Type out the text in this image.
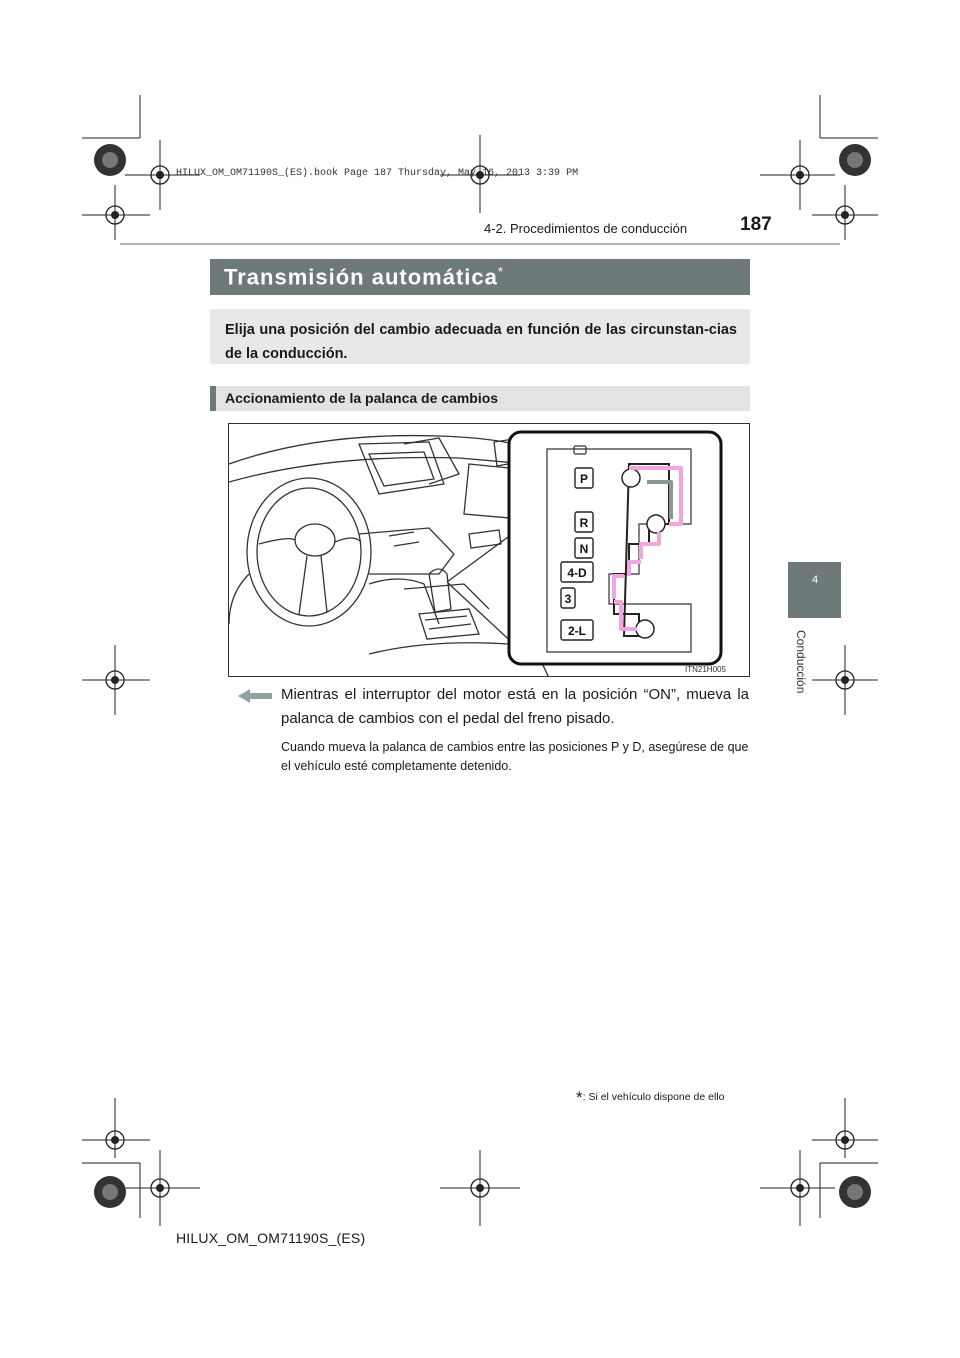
HILUX_OM_OM71190S_(ES).book Page 187 Thursday, May 16, 2013 3:39 PM
187
4-2. Procedimientos de conducción
Transmisión automática*
Elija una posición del cambio adecuada en función de las circunstan-cias de la conducción.
Accionamiento de la palanca de cambios
P
R
N
4-D
3
2-L
ITN21H005
Mientras el interruptor del motor está en la posición “ON”, mueva la palanca de cambios con el pedal del freno pisado.
Cuando mueva la palanca de cambios entre las posiciones P y D, asegúrese de que el vehículo esté completamente detenido.
4
Conducción
*: Si el vehículo dispone de ello
HILUX_OM_OM71190S_(ES)
